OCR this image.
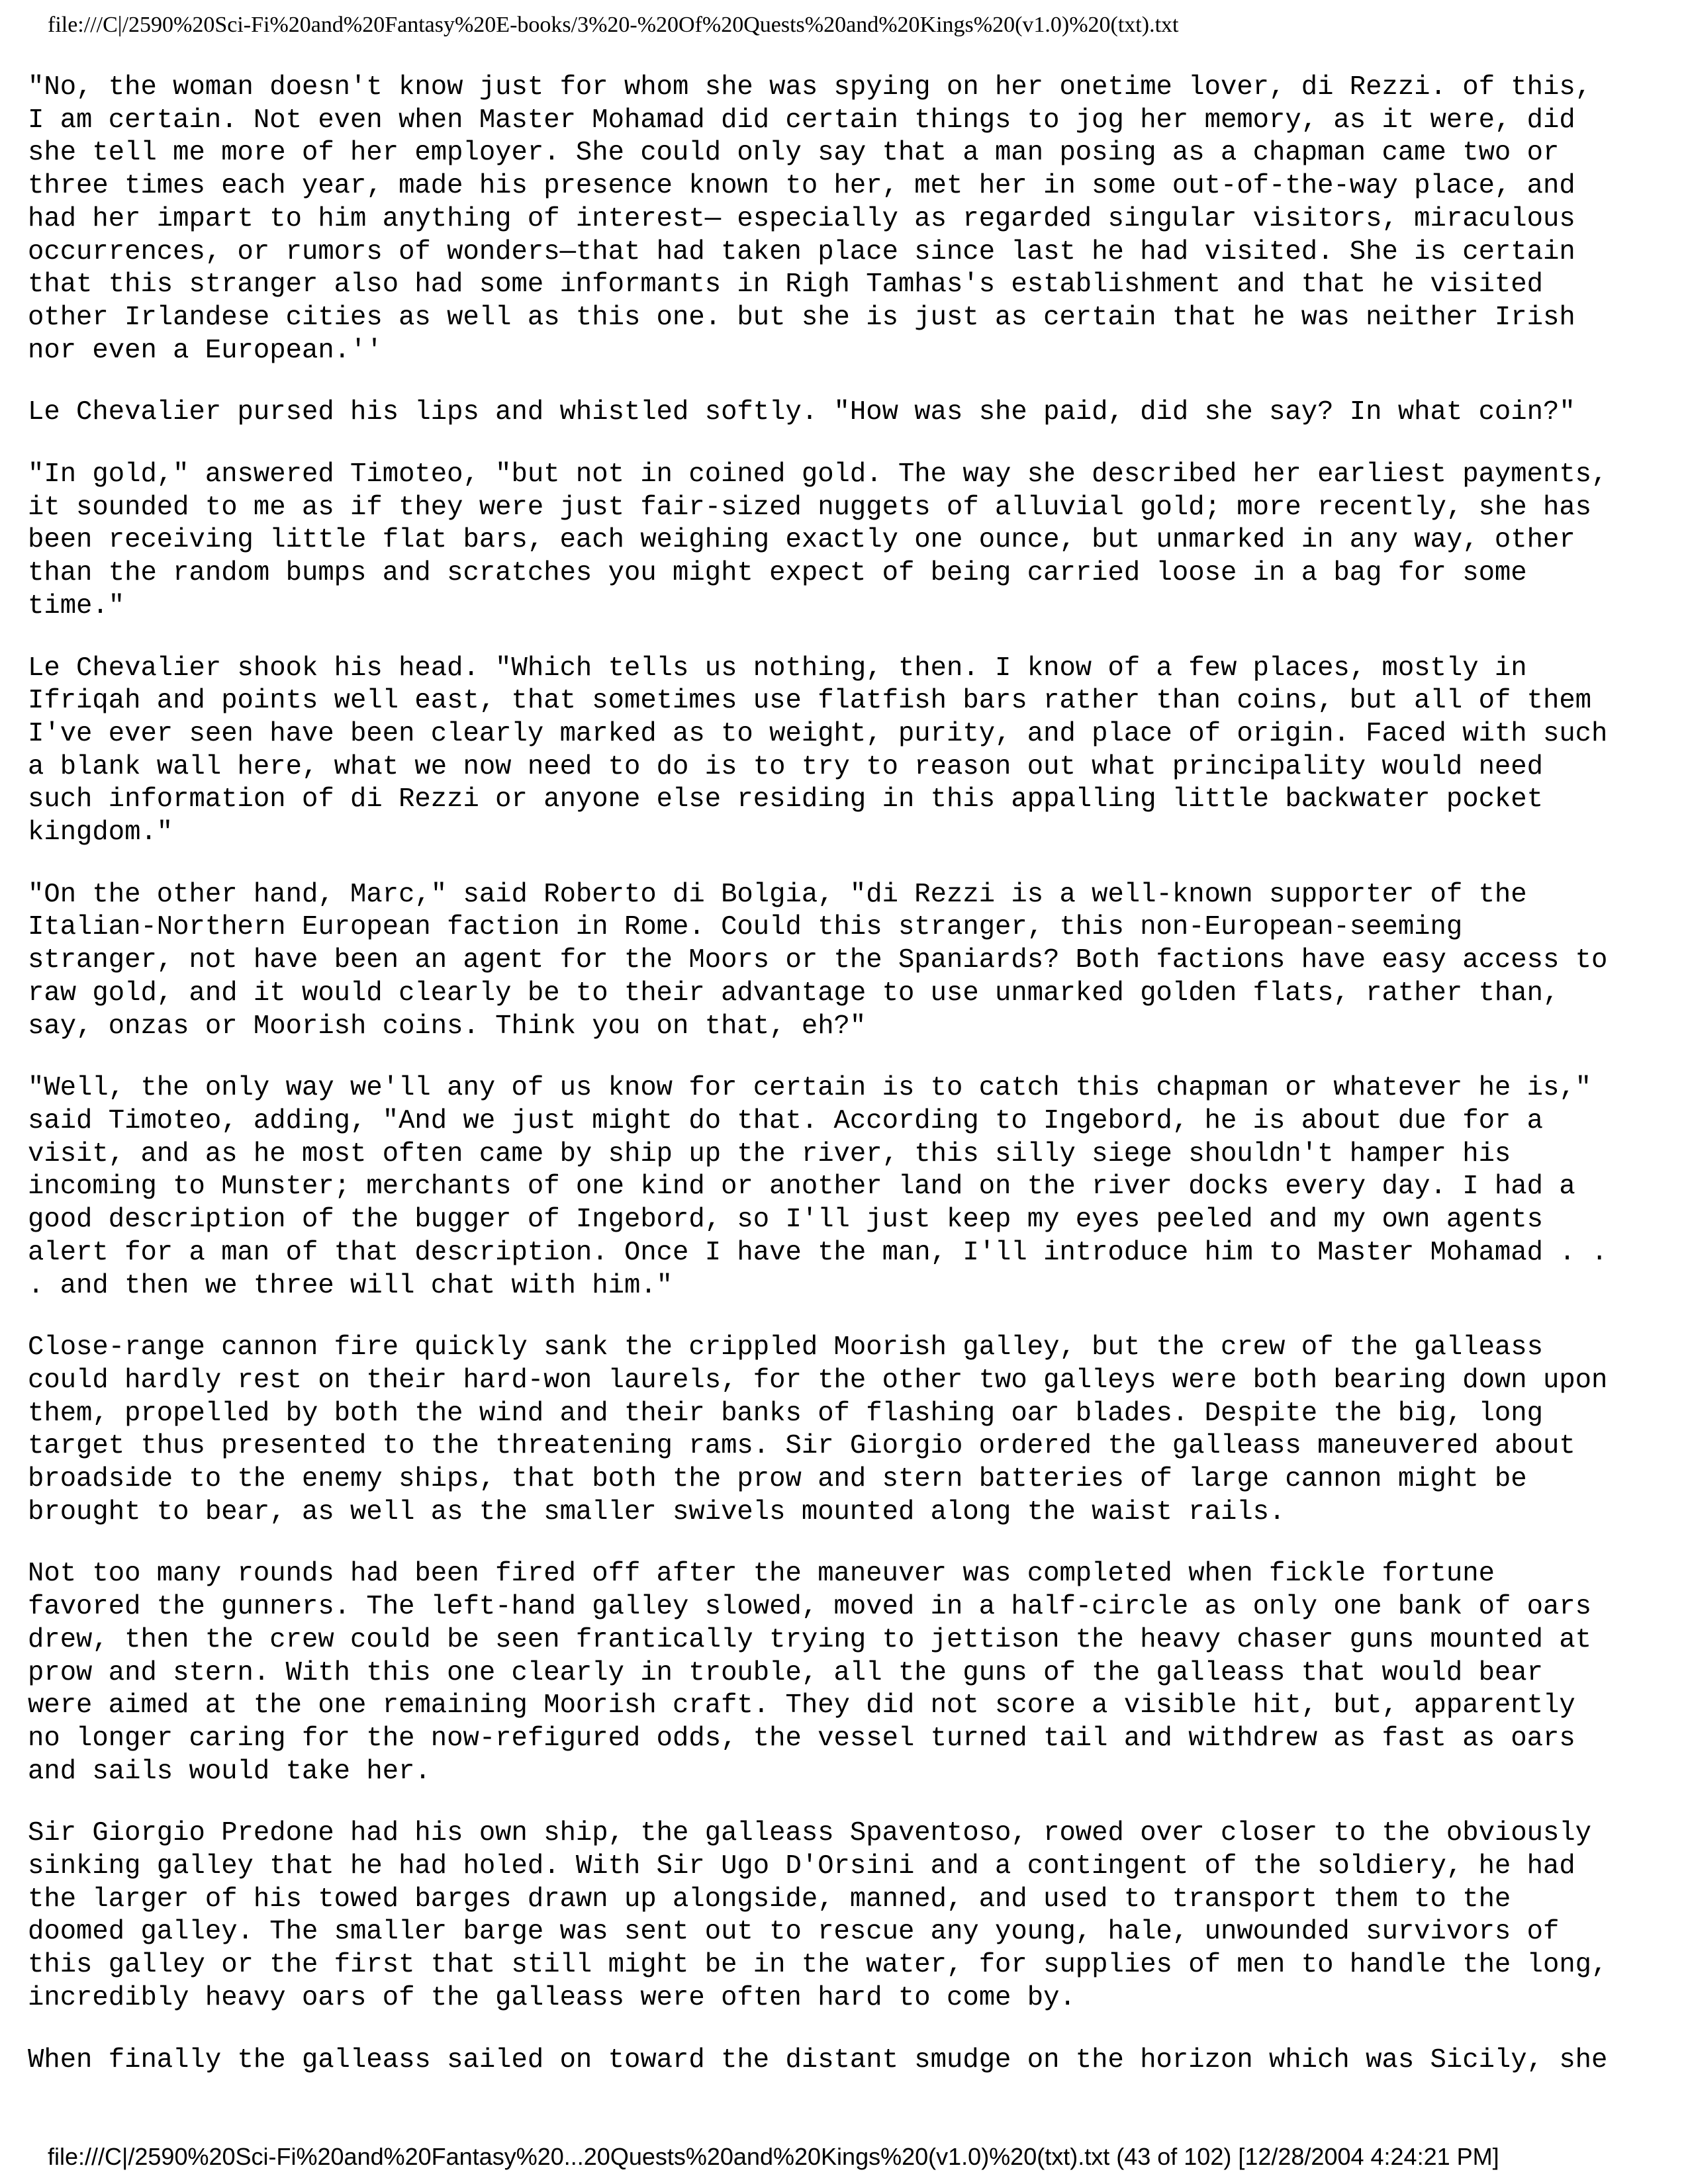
file:///C|/2590%20Sci-Fi%20and%20Fantasy%20E-books/3%20-%20Of%20Quests%20and%20Kings%20(v1.0)%20(txt).txt

"No, the woman doesn't know just for whom she was spying on her onetime lover, di Rezzi. of this,
I am certain. Not even when Master Mohamad did certain things to jog her memory, as it were, did
she tell me more of her employer. She could only say that a man posing as a chapman came two or
three times each year, made his presence known to her, met her in some out-of-the-way place, and
had her impart to him anything of interest— especially as regarded singular visitors, miraculous
occurrences, or rumors of wonders—that had taken place since last he had visited. She is certain
that this stranger also had some informants in Righ Tamhas's establishment and that he visited
other Irlandese cities as well as this one. but she is just as certain that he was neither Irish
nor even a European.''

Le Chevalier pursed his lips and whistled softly. "How was she paid, did she say? In what coin?"

"In gold," answered Timoteo, "but not in coined gold. The way she described her earliest payments,
it sounded to me as if they were just fair-sized nuggets of alluvial gold; more recently, she has
been receiving little flat bars, each weighing exactly one ounce, but unmarked in any way, other
than the random bumps and scratches you might expect of being carried loose in a bag for some
time."

Le Chevalier shook his head. "Which tells us nothing, then. I know of a few places, mostly in
Ifriqah and points well east, that sometimes use flatfish bars rather than coins, but all of them
I've ever seen have been clearly marked as to weight, purity, and place of origin. Faced with such
a blank wall here, what we now need to do is to try to reason out what principality would need
such information of di Rezzi or anyone else residing in this appalling little backwater pocket
kingdom."

"On the other hand, Marc," said Roberto di Bolgia, "di Rezzi is a well-known supporter of the
Italian-Northern European faction in Rome. Could this stranger, this non-European-seeming
stranger, not have been an agent for the Moors or the Spaniards? Both factions have easy access to
raw gold, and it would clearly be to their advantage to use unmarked golden flats, rather than,
say, onzas or Moorish coins. Think you on that, eh?"

"Well, the only way we'll any of us know for certain is to catch this chapman or whatever he is,"
said Timoteo, adding, "And we just might do that. According to Ingebord, he is about due for a
visit, and as he most often came by ship up the river, this silly siege shouldn't hamper his
incoming to Munster; merchants of one kind or another land on the river docks every day. I had a
good description of the bugger of Ingebord, so I'll just keep my eyes peeled and my own agents
alert for a man of that description. Once I have the man, I'll introduce him to Master Mohamad . .
. and then we three will chat with him."

Close-range cannon fire quickly sank the crippled Moorish galley, but the crew of the galleass
could hardly rest on their hard-won laurels, for the other two galleys were both bearing down upon
them, propelled by both the wind and their banks of flashing oar blades. Despite the big, long
target thus presented to the threatening rams. Sir Giorgio ordered the galleass maneuvered about
broadside to the enemy ships, that both the prow and stern batteries of large cannon might be
brought to bear, as well as the smaller swivels mounted along the waist rails.

Not too many rounds had been fired off after the maneuver was completed when fickle fortune
favored the gunners. The left-hand galley slowed, moved in a half-circle as only one bank of oars
drew, then the crew could be seen frantically trying to jettison the heavy chaser guns mounted at
prow and stern. With this one clearly in trouble, all the guns of the galleass that would bear
were aimed at the one remaining Moorish craft. They did not score a visible hit, but, apparently
no longer caring for the now-refigured odds, the vessel turned tail and withdrew as fast as oars
and sails would take her.

Sir Giorgio Predone had his own ship, the galleass Spaventoso, rowed over closer to the obviously
sinking galley that he had holed. With Sir Ugo D'Orsini and a contingent of the soldiery, he had
the larger of his towed barges drawn up alongside, manned, and used to transport them to the
doomed galley. The smaller barge was sent out to rescue any young, hale, unwounded survivors of
this galley or the first that still might be in the water, for supplies of men to handle the long,
incredibly heavy oars of the galleass were often hard to come by.

When finally the galleass sailed on toward the distant smudge on the horizon which was Sicily, she

file:///C|/2590%20Sci-Fi%20and%20Fantasy%20...20Quests%20and%20Kings%20(v1.0)%20(txt).txt (43 of 102) [12/28/2004 4:24:21 PM]
